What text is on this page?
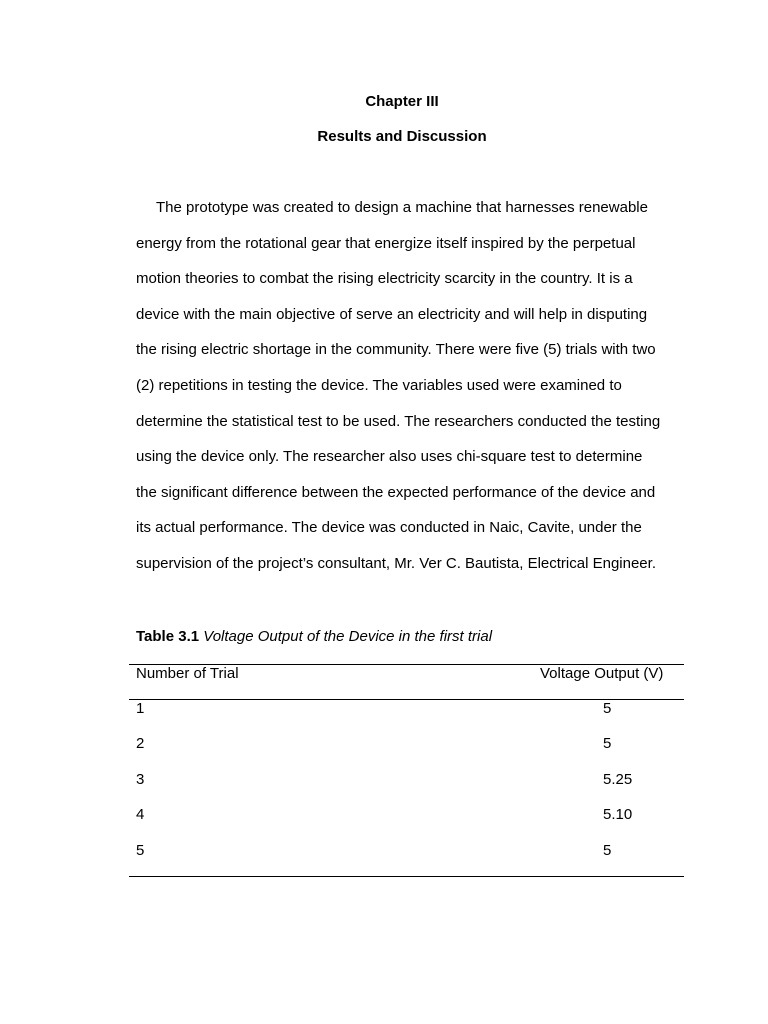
Chapter III
Results and Discussion
The prototype was created to design a machine that harnesses renewable
energy from the rotational gear that energize itself inspired by the perpetual
motion theories to combat the rising electricity scarcity in the country. It is a
device with the main objective of serve an electricity and will help in disputing
the rising electric shortage in the community. There were five (5) trials with two
(2) repetitions in testing the device. The variables used were examined to
determine the statistical test to be used. The researchers conducted the testing
using the device only. The researcher also uses chi-square test to determine
the significant difference between the expected performance of the device and
its actual performance. The device was conducted in Naic, Cavite, under the
supervision of the project’s consultant, Mr. Ver C. Bautista, Electrical Engineer.
Table 3.1 Voltage Output of the Device in the first trial
Number of Trial	Voltage Output (V)
1	5
2	5
3	5.25
4	5.10
5	5
